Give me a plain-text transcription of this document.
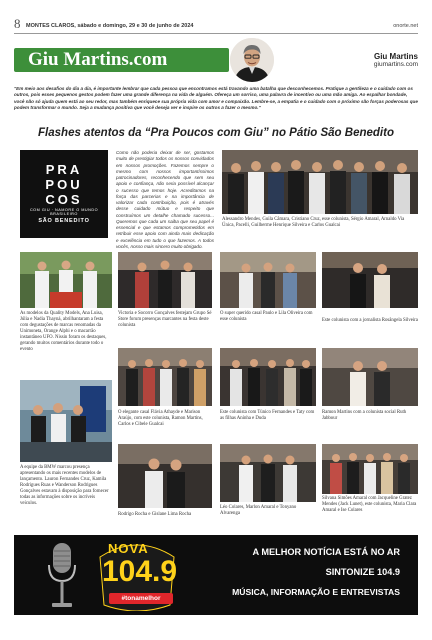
8 MONTES CLAROS, sábado e domingo, 29 e 30 de junho de 2024	onorte.net
Giu Martins.com	Giu Martins
giumartins.com

"Em meio aos desafios do dia a dia, é importante lembrar que cada pessoa que encontramos está travando uma batalha que desconhecemos. Pratique a gentileza e o cuidado com os outros, pois esses pequenos gestos podem fazer uma grande diferença na vida de alguém. Ofereça um sorriso, uma palavra de incentivo ou uma mão amiga. Ao espalhar bondade, você não só ajuda quem está ao seu redor, mas também enriquece sua própria vida com amor e compaixão. Lembre-se, a empatia e o cuidado com o próximo são forças poderosas que podem transformar o mundo. Seja a mudança positiva que você deseja ver e inspire os outros a fazer o mesmo."

Flashes atentos da “Pra Poucos com Giu” no Pátio São Benedito
PRA
POU
COS
COM GIU · NAMORE O MUNDO BRASILEIRO
SÃO BENEDITO

Como não poderia deixar de ser, gostamos muito de prestigiar todos os nossos convidados em nossos promoções. Fazemos sempre o mesmo com nossos importantíssimos patrocinadores, reconhecendo que sem seu apoio e confiança, não seria possível alcançar o sucesso que temos hoje. Acreditamos na força das parcerias e na importância de valorizar cada contribuição, pois é através desse cuidado mútuo e respeito que construímos um detalhe chamado sucesso... Queremos que cada um saiba que seu papel é essencial e que estamos comprometidos em retribuir esse apoio com ainda mais dedicação e excelência em tudo o que fazemos. A todos vocês, nosso mais sincero muito obrigado.

Alessandro Mendes, Guila Câmara, Cristiano Cruz, esse colunista, Sérgio Amaral, Arnaldo Via Única, Pacelli, Guilherme Henrique Silveira e Carlos Gualcai

As modelos da Quality Models, Ana Luisa, Júlia e Nadia Thayná, abrilhantaram a festa com degustações de marcas renomadas da Unimoneta, Orange Alphi e o macarrão instantâneo UFO. Nissin foram os destaques, gerando muitos comentários durante todo o evento

Victoria e Socorro Gonçalves festejam Grupo Sé Store forum presenças marcantes na festa deste colunista

O super querido casal Paulo e Lila Oliveira com esse colunista	Este colunista com a jornalista Rosângela Silveira

A equipe da BMW marcou presença apresentando os mais recentes modelos de lançamento. Lauron Fernandes Cruz, Kamila Rodrigues Ruas e Wanderson Rodrigues Gonçalves estavam à disposição para fornecer todas as informações sobre os incríveis veículos.

O elegante casal Flávia Athayde e Marison Araújo, com este colunista, Ramon Martins, Carlos e Cibele Gualcai

Este colunista com Túnico Fernandes e Taty com as filhas Anínha e Duda

Ramon Martins com a colunista social Ruth Jabbour

Rodrigo Rocha e Gislane Lima Rocha

Léo Colares, Marlon Amaral e Tonyano Alvarenga

Silvana Simões Amaral com Jacqueline Gratez Mendes (Jack Lunet), este colunista, Maria Clara Amaral e Ise Colares

NOVA
104.9
#tonamelhor
A MELHOR NOTÍCIA ESTÁ NO AR
SINTONIZE 104.9
MÚSICA, INFORMAÇÃO E ENTREVISTAS
